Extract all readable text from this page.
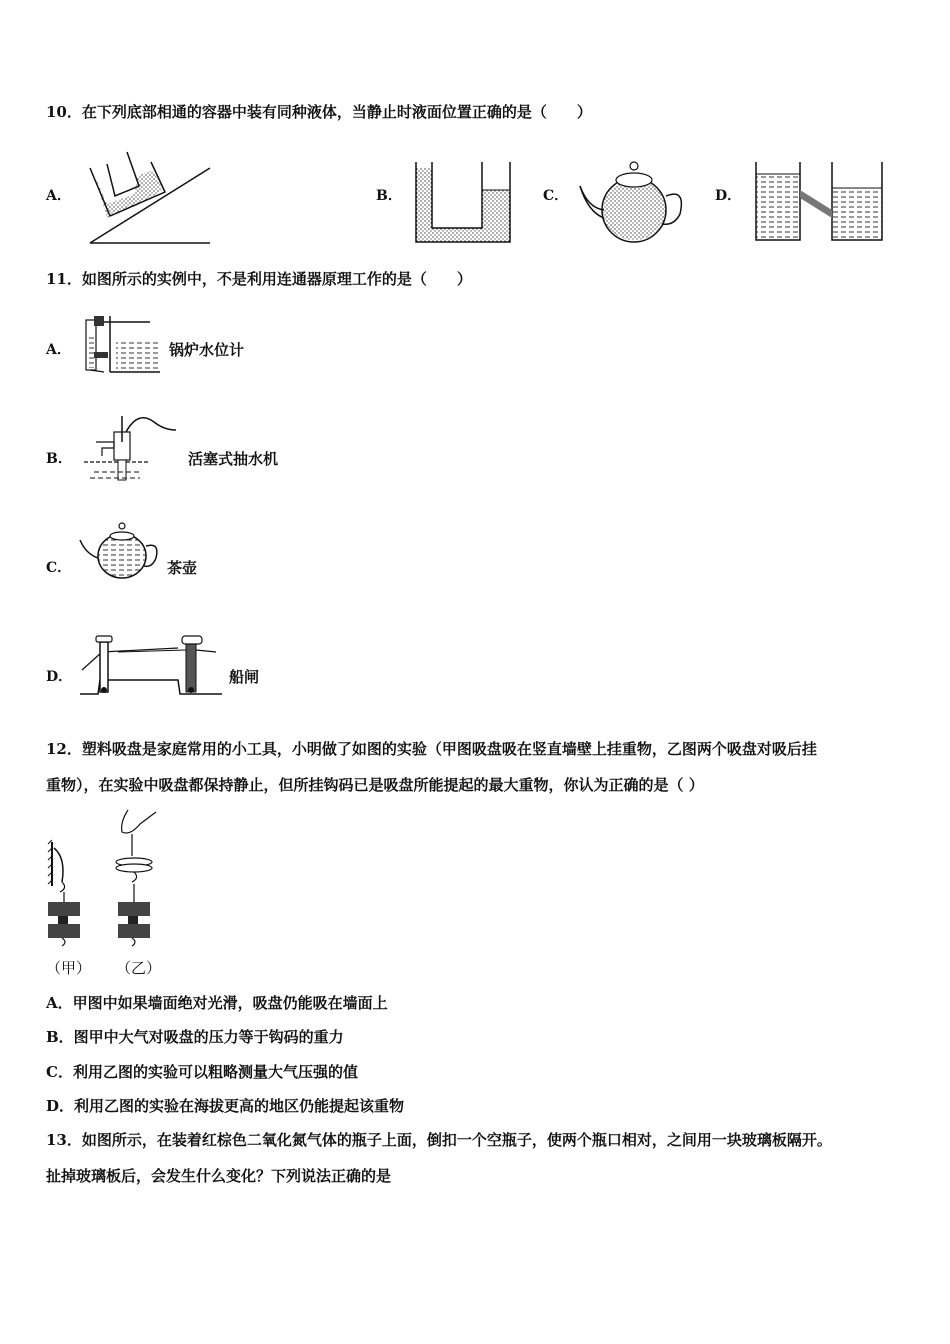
10．在下列底部相通的容器中装有同种液体，当静止时液面位置正确的是（　　）
A．	B．	C．	D．
11．如图所示的实例中，不是利用连通器原理工作的是（　　）
A．	锅炉水位计
B．	活塞式抽水机
C．	茶壶
D．	船闸
12．塑料吸盘是家庭常用的小工具，小明做了如图的实验（甲图吸盘吸在竖直墙壁上挂重物，乙图两个吸盘对吸后挂
重物），在实验中吸盘都保持静止，但所挂钩码已是吸盘所能提起的最大重物，你认为正确的是（ ）
（甲） （乙）
A．甲图中如果墙面绝对光滑，吸盘仍能吸在墙面上
B．图甲中大气对吸盘的压力等于钩码的重力
C．利用乙图的实验可以粗略测量大气压强的值
D．利用乙图的实验在海拔更高的地区仍能提起该重物
13．如图所示，在装着红棕色二氧化氮气体的瓶子上面，倒扣一个空瓶子，使两个瓶口相对，之间用一块玻璃板隔开。
扯掉玻璃板后，会发生什么变化？下列说法正确的是
